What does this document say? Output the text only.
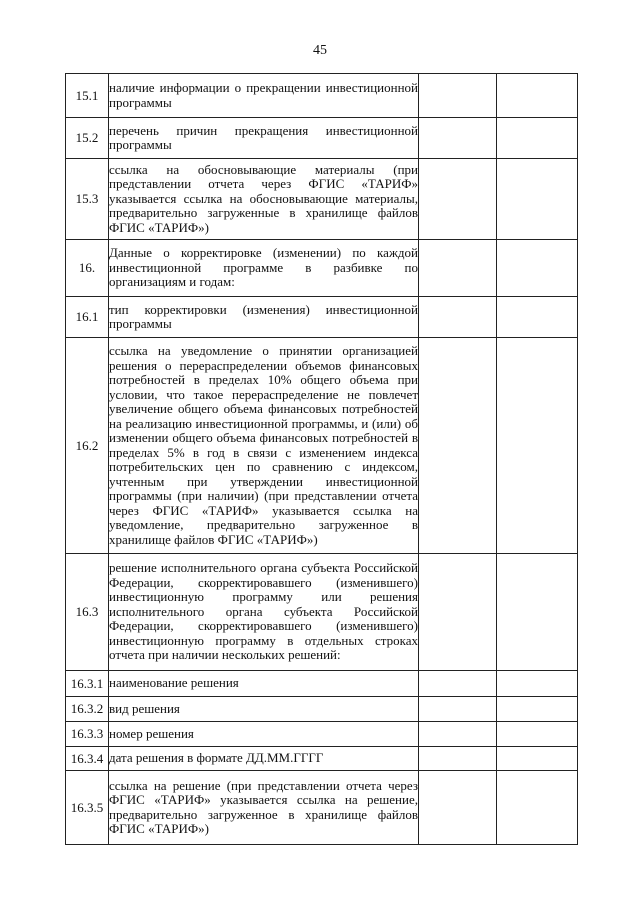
45
15.1	наличие информации о прекращении инвестиционной программы		
15.2	перечень причин прекращения инвестиционной программы		
15.3	ссылка на обосновывающие материалы (при представлении отчета через ФГИС «ТАРИФ» указывается ссылка на обосновывающие материалы, предварительно загруженные в хранилище файлов ФГИС «ТАРИФ»)		
16.	Данные о корректировке (изменении) по каждой инвестиционной программе в разбивке по организациям и годам:		
16.1	тип корректировки (изменения) инвестиционной программы		
16.2	ссылка на уведомление о принятии организацией решения о перераспределении объемов финансовых потребностей в пределах 10% общего объема при условии, что такое перераспределение не повлечет увеличение общего объема финансовых потребностей на реализацию инвестиционной программы, и (или) об изменении общего объема финансовых потребностей в пределах 5% в год в связи с изменением индекса потребительских цен по сравнению с индексом, учтенным при утверждении инвестиционной программы (при наличии) (при представлении отчета через ФГИС «ТАРИФ» указывается ссылка на уведомление, предварительно загруженное в хранилище файлов ФГИС «ТАРИФ»)		
16.3	решение исполнительного органа субъекта Российской Федерации, скорректировавшего (изменившего) инвестиционную программу или решения исполнительного органа субъекта Российской Федерации, скорректировавшего (изменившего) инвестиционную программу в отдельных строках отчета при наличии нескольких решений:		
16.3.1	наименование решения		
16.3.2	вид решения		
16.3.3	номер решения		
16.3.4	дата решения в формате ДД.ММ.ГГГГ		
16.3.5	ссылка на решение (при представлении отчета через ФГИС «ТАРИФ» указывается ссылка на решение, предварительно загруженное в хранилище файлов ФГИС «ТАРИФ»)		
